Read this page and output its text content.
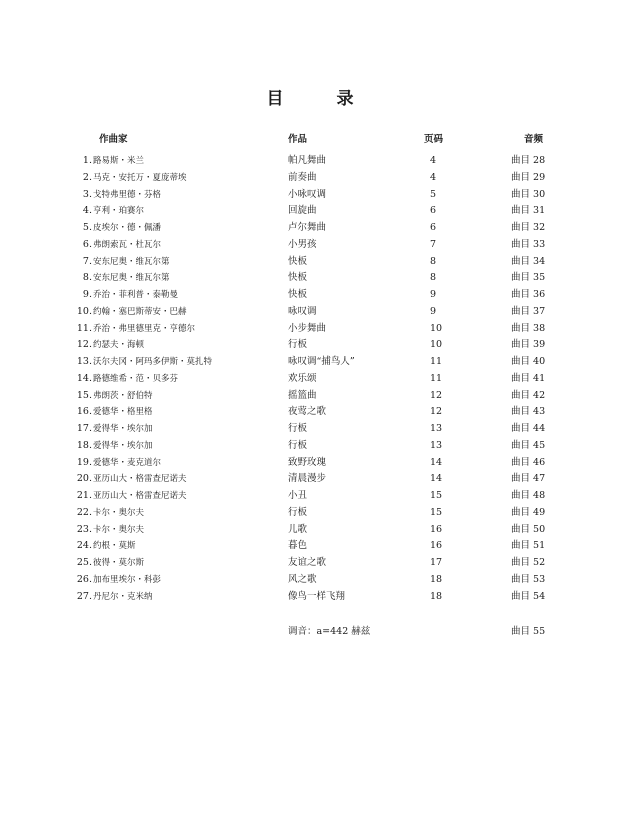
目　录
作曲家	作品	页码	音频
1. 路易斯・米兰	帕凡舞曲	4	曲目 28
2. 马克・安托万・夏庞蒂埃	前奏曲	4	曲目 29
3. 戈特弗里德・芬格	小咏叹调	5	曲目 30
4. 亨利・珀赛尔	回旋曲	6	曲目 31
5. 皮埃尔・德・佩潘	卢尔舞曲	6	曲目 32
6. 弗朗索瓦・杜瓦尔	小男孩	7	曲目 33
7. 安东尼奥・维瓦尔第	快板	8	曲目 34
8. 安东尼奥・维瓦尔第	快板	8	曲目 35
9. 乔治・菲利普・泰勒曼	快板	9	曲目 36
10. 约翰・塞巴斯蒂安・巴赫	咏叹调	9	曲目 37
11. 乔治・弗里德里克・亨德尔	小步舞曲	10	曲目 38
12. 约瑟夫・海顿	行板	10	曲目 39
13. 沃尔夫冈・阿玛多伊斯・莫扎特	咏叹调“捕鸟人”	11	曲目 40
14. 路德维希・范・贝多芬	欢乐颂	11	曲目 41
15. 弗朗茨・舒伯特	摇篮曲	12	曲目 42
16. 爱德华・格里格	夜莺之歌	12	曲目 43
17. 爱得华・埃尔加	行板	13	曲目 44
18. 爱得华・埃尔加	行板	13	曲目 45
19. 爱德华・麦克道尔	致野玫瑰	14	曲目 46
20. 亚历山大・格雷查尼诺夫	清晨漫步	14	曲目 47
21. 亚历山大・格雷查尼诺夫	小丑	15	曲目 48
22. 卡尔・奥尔夫	行板	15	曲目 49
23. 卡尔・奥尔夫	儿歌	16	曲目 50
24. 约根・莫斯	暮色	16	曲目 51
25. 彼得・莫尔斯	友谊之歌	17	曲目 52
26. 加布里埃尔・科彭	风之歌	18	曲目 53
27. 丹尼尔・克米纳	像鸟一样飞翔	18	曲目 54
调音：a=442 赫兹	曲目 55
